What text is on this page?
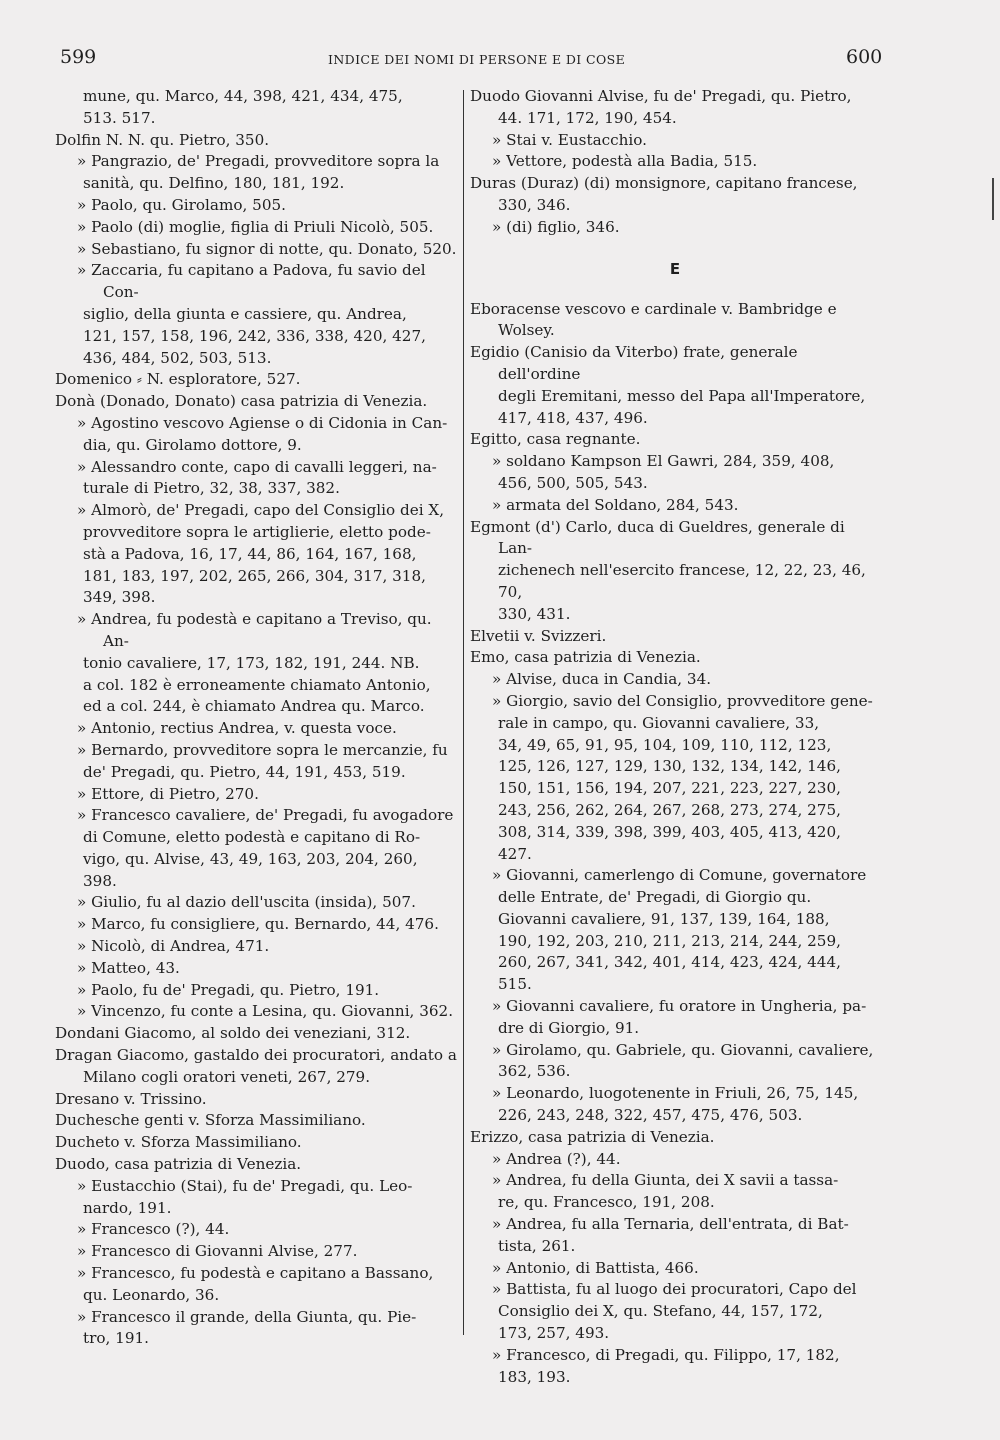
599	INDICE DEI NOMI DI PERSONE E DI COSE	600
mune, qu. Marco, 44, 398, 421, 434, 475,
513. 517.
Dolfin N. N. qu. Pietro, 350.
» Pangrazio, de' Pregadi, provveditore sopra la
sanità, qu. Delfino, 180, 181, 192.
» Paolo, qu. Girolamo, 505.
» Paolo (di) moglie, figlia di Priuli Nicolò, 505.
» Sebastiano, fu signor di notte, qu. Donato, 520.
» Zaccaria, fu capitano a Padova, fu savio del Con-
siglio, della giunta e cassiere, qu. Andrea,
121, 157, 158, 196, 242, 336, 338, 420, 427,
436, 484, 502, 503, 513.
Domenico ⸗ N. esploratore, 527.
Donà (Donado, Donato) casa patrizia di Venezia.
» Agostino vescovo Agiense o di Cidonia in Can-
dia, qu. Girolamo dottore, 9.
» Alessandro conte, capo di cavalli leggeri, na-
turale di Pietro, 32, 38, 337, 382.
» Almorò, de' Pregadi, capo del Consiglio dei X,
provveditore sopra le artiglierie, eletto pode-
stà a Padova, 16, 17, 44, 86, 164, 167, 168,
181, 183, 197, 202, 265, 266, 304, 317, 318,
349, 398.
» Andrea, fu podestà e capitano a Treviso, qu. An-
tonio cavaliere, 17, 173, 182, 191, 244. NB.
a col. 182 è erroneamente chiamato Antonio,
ed a col. 244, è chiamato Andrea qu. Marco.
» Antonio, rectius Andrea, v. questa voce.
» Bernardo, provveditore sopra le mercanzie, fu
de' Pregadi, qu. Pietro, 44, 191, 453, 519.
» Ettore, di Pietro, 270.
» Francesco cavaliere, de' Pregadi, fu avogadore
di Comune, eletto podestà e capitano di Ro-
vigo, qu. Alvise, 43, 49, 163, 203, 204, 260,
398.
» Giulio, fu al dazio dell'uscita (insida), 507.
» Marco, fu consigliere, qu. Bernardo, 44, 476.
» Nicolò, di Andrea, 471.
» Matteo, 43.
» Paolo, fu de' Pregadi, qu. Pietro, 191.
» Vincenzo, fu conte a Lesina, qu. Giovanni, 362.
Dondani Giacomo, al soldo dei veneziani, 312.
Dragan Giacomo, gastaldo dei procuratori, andato a
Milano cogli oratori veneti, 267, 279.
Dresano v. Trissino.
Duchesche genti v. Sforza Massimiliano.
Ducheto v. Sforza Massimiliano.
Duodo, casa patrizia di Venezia.
» Eustacchio (Stai), fu de' Pregadi, qu. Leo-
nardo, 191.
» Francesco (?), 44.
» Francesco di Giovanni Alvise, 277.
» Francesco, fu podestà e capitano a Bassano,
qu. Leonardo, 36.
» Francesco il grande, della Giunta, qu. Pie-
tro, 191.
Duodo Giovanni Alvise, fu de' Pregadi, qu. Pietro,
44. 171, 172, 190, 454.
» Stai v. Eustacchio.
» Vettore, podestà alla Badia, 515.
Duras (Duraz) (di) monsignore, capitano francese,
330, 346.
» (di) figlio, 346.
E
Eboracense vescovo e cardinale v. Bambridge e Wolsey.
Egidio (Canisio da Viterbo) frate, generale dell'ordine
degli Eremitani, messo del Papa all'Imperatore,
417, 418, 437, 496.
Egitto, casa regnante.
» soldano Kampson El Gawri, 284, 359, 408,
456, 500, 505, 543.
» armata del Soldano, 284, 543.
Egmont (d') Carlo, duca di Gueldres, generale di Lan-
zichenech nell'esercito francese, 12, 22, 23, 46, 70,
330, 431.
Elvetii v. Svizzeri.
Emo, casa patrizia di Venezia.
» Alvise, duca in Candia, 34.
» Giorgio, savio del Consiglio, provveditore gene-
rale in campo, qu. Giovanni cavaliere, 33,
34, 49, 65, 91, 95, 104, 109, 110, 112, 123,
125, 126, 127, 129, 130, 132, 134, 142, 146,
150, 151, 156, 194, 207, 221, 223, 227, 230,
243, 256, 262, 264, 267, 268, 273, 274, 275,
308, 314, 339, 398, 399, 403, 405, 413, 420,
427.
» Giovanni, camerlengo di Comune, governatore
delle Entrate, de' Pregadi, di Giorgio qu.
Giovanni cavaliere, 91, 137, 139, 164, 188,
190, 192, 203, 210, 211, 213, 214, 244, 259,
260, 267, 341, 342, 401, 414, 423, 424, 444,
515.
» Giovanni cavaliere, fu oratore in Ungheria, pa-
dre di Giorgio, 91.
» Girolamo, qu. Gabriele, qu. Giovanni, cavaliere,
362, 536.
» Leonardo, luogotenente in Friuli, 26, 75, 145,
226, 243, 248, 322, 457, 475, 476, 503.
Erizzo, casa patrizia di Venezia.
» Andrea (?), 44.
» Andrea, fu della Giunta, dei X savii a tassa-
re, qu. Francesco, 191, 208.
» Andrea, fu alla Ternaria, dell'entrata, di Bat-
tista, 261.
» Antonio, di Battista, 466.
» Battista, fu al luogo dei procuratori, Capo del
Consiglio dei X, qu. Stefano, 44, 157, 172,
173, 257, 493.
» Francesco, di Pregadi, qu. Filippo, 17, 182,
183, 193.
